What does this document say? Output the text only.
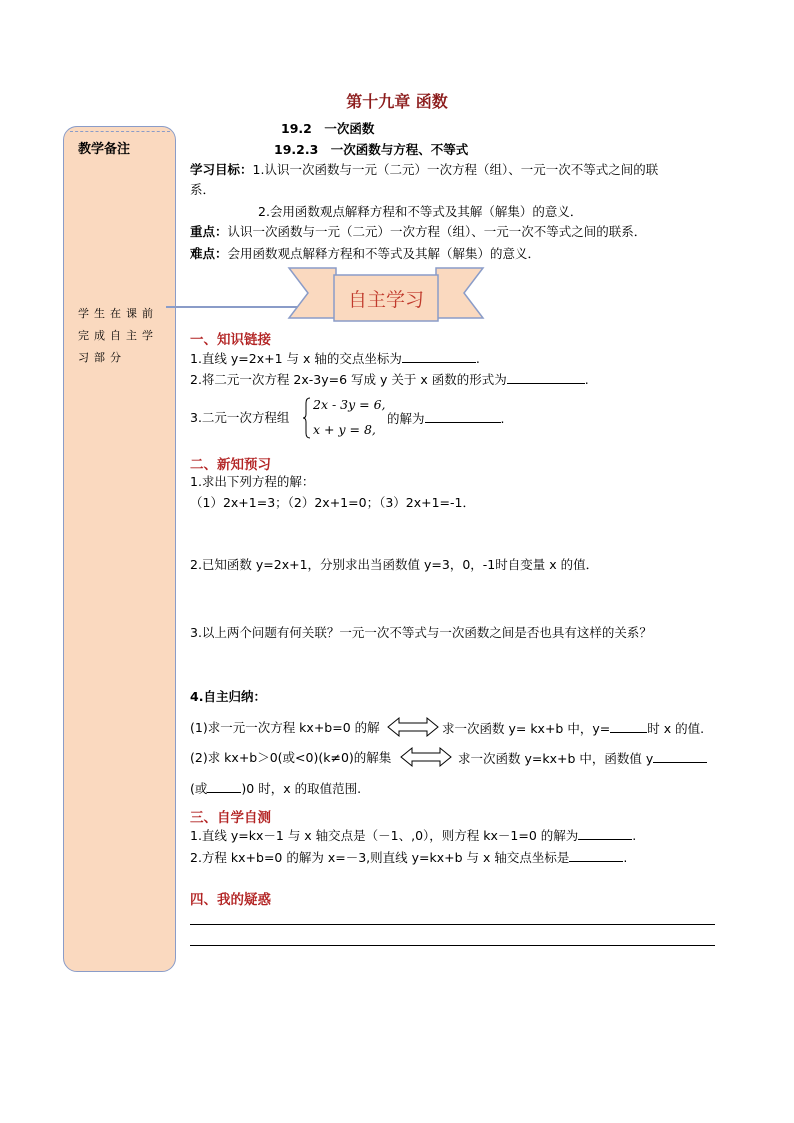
第十九章 函数
教学备注
学生在课前完成自主学习部分
19.2　一次函数
19.2.3　一次函数与方程、不等式
学习目标：1.认识一次函数与一元（二元）一次方程（组）、一元一次不等式之间的联
系．
2.会用函数观点解释方程和不等式及其解（解集）的意义．
重点：认识一次函数与一元（二元）一次方程（组）、一元一次不等式之间的联系．
难点：会用函数观点解释方程和不等式及其解（解集）的意义．
自主学习
一、知识链接
1.直线 y=2x+1 与 x 轴的交点坐标为	.
2.将二元一次方程 2x-3y=6 写成 y 关于 x 函数的形式为	.
3.二元一次方程组
2x - 3y = 6,
x + y = 8,
的解为	.
二、新知预习
1.求出下列方程的解：
（1）2x+1=3；（2）2x+1=0；（3）2x+1=-1．
2.已知函数 y=2x+1，分别求出当函数值 y=3，0，-1时自变量 x 的值．
3.以上两个问题有何关联？一元一次不等式与一次函数之间是否也具有这样的关系？
4.自主归纳：
(1)求一元一次方程 kx+b=0 的解	求一次函数 y= kx+b 中，y=	时 x 的值.
(2)求 kx+b＞0(或<0)(k≠0)的解集	求一次函数 y=kx+b 中，函数值 y
(或	)0 时，x 的取值范围.
三、自学自测
1.直线 y=kx－1 与 x 轴交点是（－1、,0），则方程 kx－1=0 的解为	.
2.方程 kx+b=0 的解为 x=－3,则直线 y=kx+b 与 x 轴交点坐标是	.
四、我的疑惑
